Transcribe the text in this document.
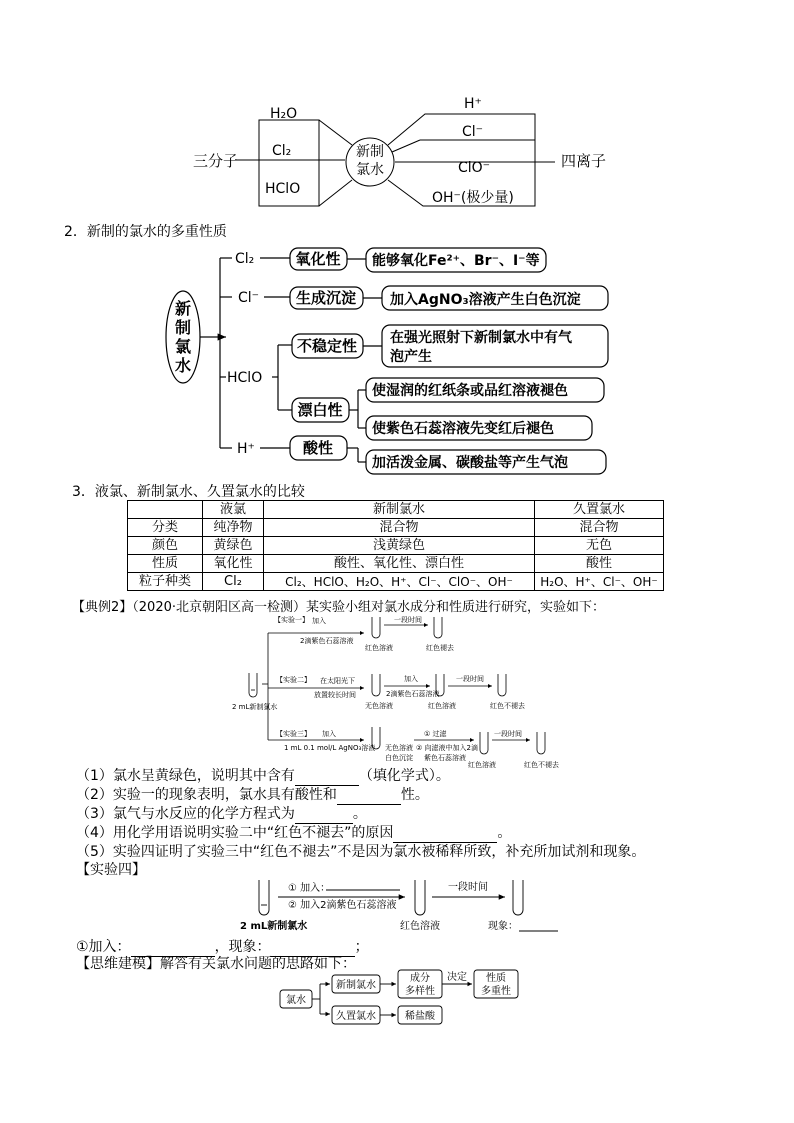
三分子	四离子
新制
氯水
H₂O
Cl₂
HClO
H⁺
Cl⁻
ClO⁻
OH⁻(极少量)
新
制
氯
水
Cl₂
Cl⁻
HClO
H⁺
氧化性
生成沉淀
不稳定性
漂白性
酸性
能够氧化Fe²⁺、Br⁻、I⁻等
加入AgNO₃溶液产生白色沉淀
在强光照射下新制氯水中有气
泡产生
使湿润的红纸条或品红溶液褪色
使紫色石蕊溶液先变红后褪色
加活泼金属、碳酸盐等产生气泡
【实验一】 加入
2滴紫色石蕊溶液
红色溶液
一段时间
红色褪去
【实验二】 在太阳光下
放置较长时间
无色溶液
加入
2滴紫色石蕊溶液
红色溶液
一段时间
红色不褪去
【实验三】 加入
1 mL 0.1 mol/L AgNO₃溶液 无色溶液
白色沉淀
① 过滤
② 向滤液中加入2滴
紫色石蕊溶液
红色溶液
一段时间
红色不褪去
2 mL新制氯水
① 加入：
② 加入2滴紫色石蕊溶液
2 mL新制氯水	红色溶液
一段时间
现象：
氯水
新制氯水
成分
多样性
决定 性质
多重性
久置氯水	稀盐酸
2．新制的氯水的多重性质
3．液氯、新制氯水、久置氯水的比较
	液氯	新制氯水	久置氯水
分类	纯净物	混合物	混合物
颜色	黄绿色	浅黄绿色	无色
性质	氧化性	酸性、氧化性、漂白性	酸性
粒子种类	Cl₂	Cl₂、HClO、H₂O、H⁺、Cl⁻、ClO⁻、OH⁻	H₂O、H⁺、Cl⁻、OH⁻
【典例2】（2020·北京朝阳区高一检测）某实验小组对氯水成分和性质进行研究，实验如下：
（1）氯水呈黄绿色，说明其中含有	（填化学式）。
（2）实验一的现象表明，氯水具有酸性和	性。
（3）氯气与水反应的化学方程式为	。
（4）用化学用语说明实验二中“红色不褪去”的原因	。
（5）实验四证明了实验三中“红色不褪去”不是因为氯水被稀释所致，补充所加试剂和现象。
【实验四】
①加入：	，现象：	；
【思维建模】解答有关氯水问题的思路如下：
